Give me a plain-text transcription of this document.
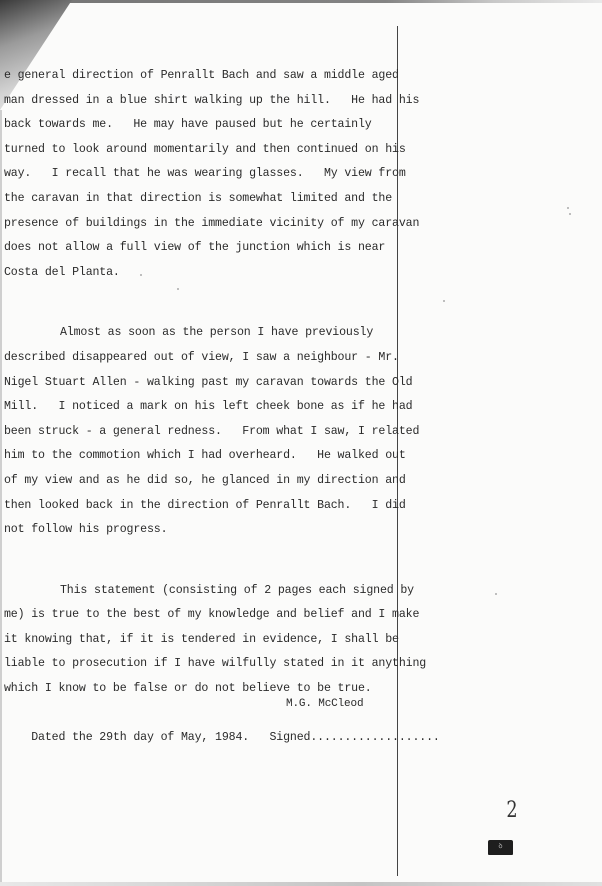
e general direction of Penrallt Bach and saw a middle aged
man dressed in a blue shirt walking up the hill.   He had his
back towards me.   He may have paused but he certainly
turned to look around momentarily and then continued on his
way.   I recall that he was wearing glasses.   My view from
the caravan in that direction is somewhat limited and the
presence of buildings in the immediate vicinity of my caravan
does not allow a full view of the junction which is near
Costa del Planta.
Almost as soon as the person I have previously
described disappeared out of view, I saw a neighbour - Mr.
Nigel Stuart Allen - walking past my caravan towards the Old
Mill.   I noticed a mark on his left cheek bone as if he had
been struck - a general redness.   From what I saw, I related
him to the commotion which I had overheard.   He walked out
of my view and as he did so, he glanced in my direction and
then looked back in the direction of Penrallt Bach.   I did
not follow his progress.
This statement (consisting of 2 pages each signed by
me) is true to the best of my knowledge and belief and I make
it knowing that, if it is tendered in evidence, I shall be
liable to prosecution if I have wilfully stated in it anything
which I know to be false or do not believe to be true.

Dated the 29th day of May, 1984.   Signed...................

M.G. McCleod

2
ꝺ
